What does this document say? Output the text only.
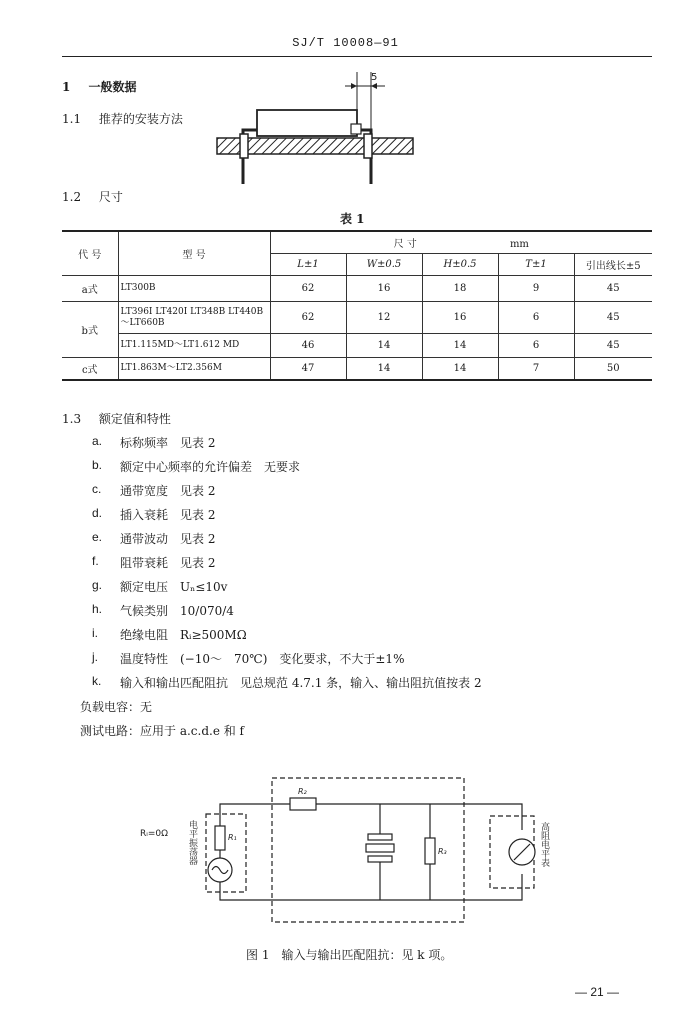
SJ/T 10008—91
1 一般数据
1.1 推荐的安装方法
5
1.2 尺寸
表 1
代 号	型 号	尺 寸 mm				
		L±1	W±0.5	H±0.5	T±1	引出线长±5
a式	LT300B	62	16	18	9	45
b式	LT396I LT420I LT348B LT440B～LT660B	62	12	16	6	45
	LT1.115MD～LT1.612 MD	46	14	14	6	45
c式	LT1.863M～LT2.356M	47	14	14	7	50
1.3 额定值和特性
a. 标称频率　见表 2
b. 额定中心频率的允许偏差　无要求
c. 通带宽度　见表 2
d. 插入衰耗　见表 2
e. 通带波动　见表 2
f. 阻带衰耗　见表 2
g. 额定电压　Uₙ≤10v
h. 气候类别　10/070/4
i. 绝缘电阻　Rᵢ≥500MΩ
j. 温度特性　(−10～　70℃)　变化要求，不大于±1%
k. 输入和输出匹配阻抗　见总规范 4.7.1 条，输入、输出阻抗值按表 2
负载电容：无
测试电路：应用于 a.c.d.e 和 f
Rᵢ=0Ω	R₁
R₂
R₃
电平振荡器	高阻电平表
图 1　输入与输出匹配阻抗：见 k 项。
— 21 —
